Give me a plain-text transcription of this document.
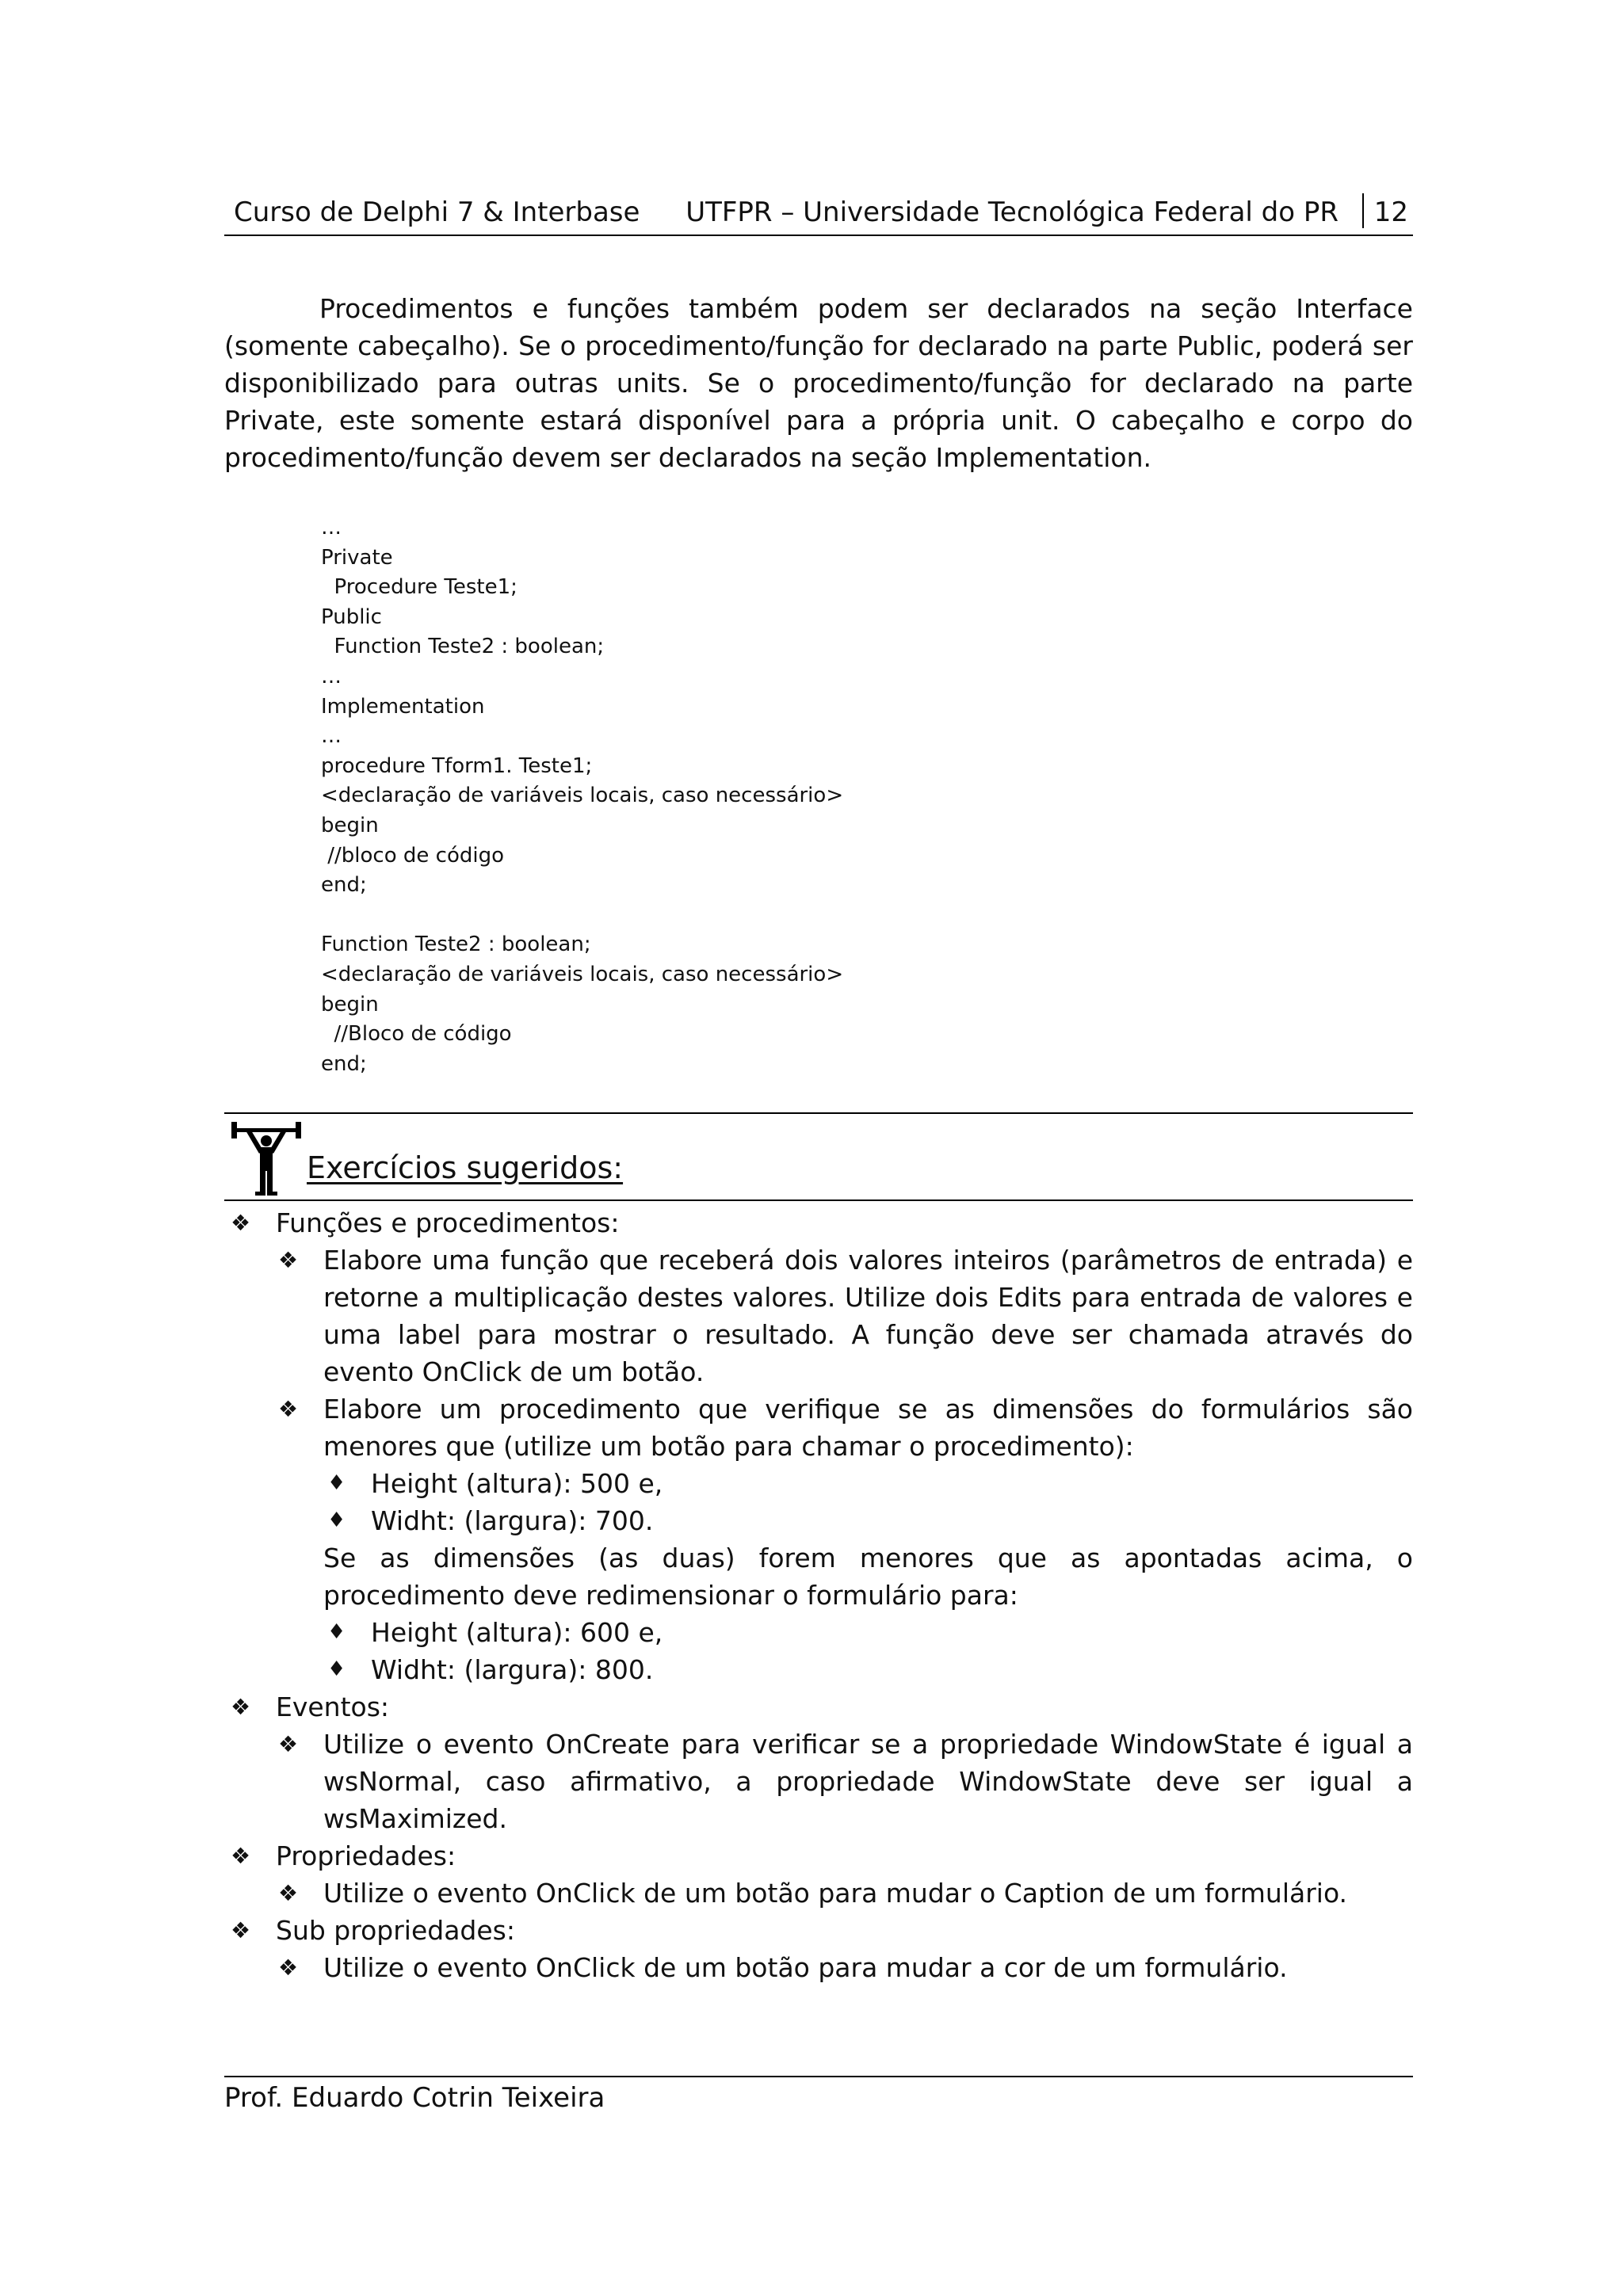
Curso de Delphi 7 & Interbase UTFPR – Universidade Tecnológica Federal do PR 12

Procedimentos e funções também podem ser declarados na seção Interface (somente cabeçalho). Se o procedimento/função for declarado na parte Public, poderá ser disponibilizado para outras units. Se o procedimento/função for declarado na parte Private, este somente estará disponível para a própria unit. O cabeçalho e corpo do procedimento/função devem ser declarados na seção Implementation.

…
Private
Procedure Teste1;
Public
Function Teste2 : boolean;
…
Implementation
…
procedure Tform1. Teste1;
<declaração de variáveis locais, caso necessário>
begin
//bloco de código
end;
Function Teste2 : boolean;
<declaração de variáveis locais, caso necessário>
begin
//Bloco de código
end;
Exercícios sugeridos:
❖ Funções e procedimentos:
❖ Elabore uma função que receberá dois valores inteiros (parâmetros de entrada) e retorne a multiplicação destes valores. Utilize dois Edits para entrada de valores e uma label para mostrar o resultado. A função deve ser chamada através do evento OnClick de um botão.
❖ Elabore um procedimento que verifique se as dimensões do formulários são menores que (utilize um botão para chamar o procedimento):
♦ Height (altura): 500 e,
♦ Widht: (largura): 700.
Se as dimensões (as duas) forem menores que as apontadas acima, o procedimento deve redimensionar o formulário para:
♦ Height (altura): 600 e,
♦ Widht: (largura): 800.
❖ Eventos:
❖ Utilize o evento OnCreate para verificar se a propriedade WindowState é igual a wsNormal, caso afirmativo, a propriedade WindowState deve ser igual a wsMaximized.
❖ Propriedades:
❖ Utilize o evento OnClick de um botão para mudar o Caption de um formulário.
❖ Sub propriedades:
❖ Utilize o evento OnClick de um botão para mudar a cor de um formulário.
Prof. Eduardo Cotrin Teixeira
